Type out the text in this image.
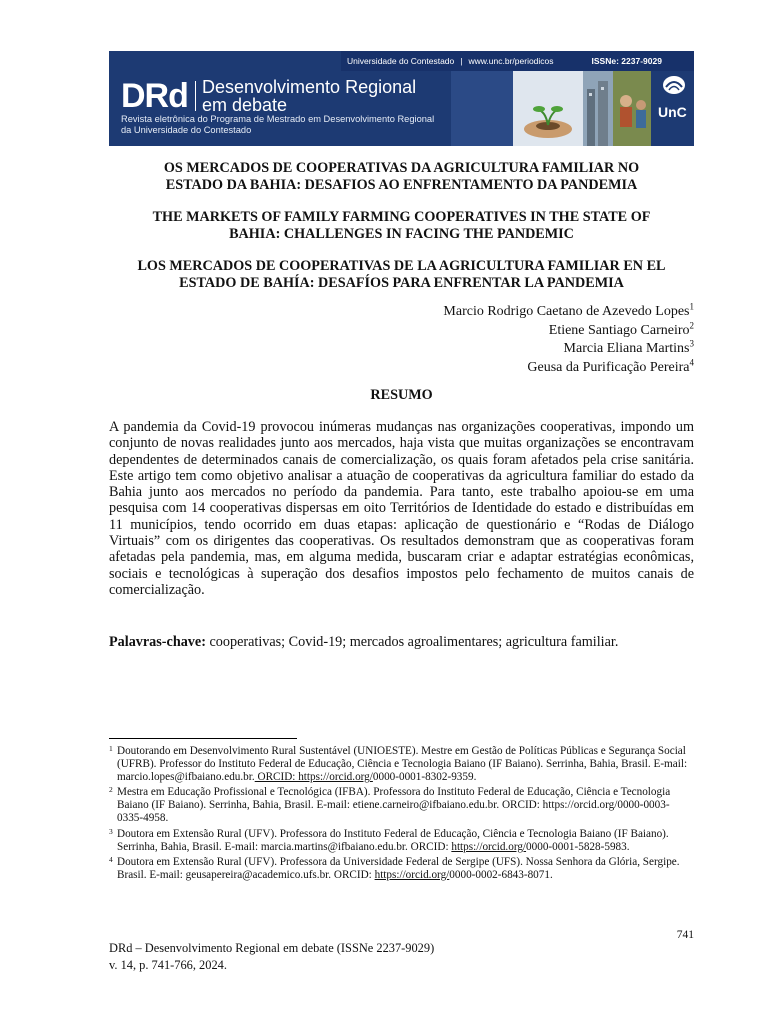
Universidade do Contestado | www.unc.br/periodicos	ISSNe: 2237-9029
DRd Desenvolvimento Regional
em debate
Revista eletrônica do Programa de Mestrado em Desenvolvimento Regional
da Universidade do Contestado
UnC
OS MERCADOS DE COOPERATIVAS DA AGRICULTURA FAMILIAR NO
ESTADO DA BAHIA: DESAFIOS AO ENFRENTAMENTO DA PANDEMIA
THE MARKETS OF FAMILY FARMING COOPERATIVES IN THE STATE OF
BAHIA: CHALLENGES IN FACING THE PANDEMIC
LOS MERCADOS DE COOPERATIVAS DE LA AGRICULTURA FAMILIAR EN EL
ESTADO DE BAHÍA: DESAFÍOS PARA ENFRENTAR LA PANDEMIA
Marcio Rodrigo Caetano de Azevedo Lopes$^1$
Etiene Santiago Carneiro$^2$
Marcia Eliana Martins$^3$
Geusa da Purificação Pereira$^4$
RESUMO

A pandemia da Covid-19 provocou inúmeras mudanças nas organizações cooperativas, impondo um conjunto de novas realidades junto aos mercados, haja vista que muitas organizações se encontravam dependentes de determinados canais de comercialização, os quais foram afetados pela crise sanitária. Este artigo tem como objetivo analisar a atuação de cooperativas da agricultura familiar do estado da Bahia junto aos mercados no período da pandemia. Para tanto, este trabalho apoiou-se em uma pesquisa com 14 cooperativas dispersas em oito Territórios de Identidade do estado e distribuídas em 11 municípios, tendo ocorrido em duas etapas: aplicação de questionário e “Rodas de Diálogo Virtuais” com os dirigentes das cooperativas. Os resultados demonstram que as cooperativas foram afetadas pela pandemia, mas, em alguma medida, buscaram criar e adaptar estratégias econômicas, sociais e tecnológicas à superação dos desafios impostos pelo fechamento de muitos canais de comercialização.

Palavras-chave: cooperativas; Covid-19; mercados agroalimentares; agricultura familiar.
1 Doutorando em Desenvolvimento Rural Sustentável (UNIOESTE). Mestre em Gestão de Políticas Públicas e Segurança Social (UFRB). Professor do Instituto Federal de Educação, Ciência e Tecnologia Baiano (IF Baiano). Serrinha, Bahia, Brasil. E-mail: marcio.lopes@ifbaiano.edu.br. ORCID: https://orcid.org/0000-0001-8302-9359.
2 Mestra em Educação Profissional e Tecnológica (IFBA). Professora do Instituto Federal de Educação, Ciência e Tecnologia Baiano (IF Baiano). Serrinha, Bahia, Brasil. E-mail: etiene.carneiro@ifbaiano.edu.br. ORCID: https://orcid.org/0000-0003-0335-4958.
3 Doutora em Extensão Rural (UFV). Professora do Instituto Federal de Educação, Ciência e Tecnologia Baiano (IF Baiano). Serrinha, Bahia, Brasil. E-mail: marcia.martins@ifbaiano.edu.br. ORCID: https://orcid.org/0000-0001-5828-5983.
4 Doutora em Extensão Rural (UFV). Professora da Universidade Federal de Sergipe (UFS). Nossa Senhora da Glória, Sergipe. Brasil. E-mail: geusapereira@academico.ufs.br. ORCID: https://orcid.org/0000-0002-6843-8071.
741
DRd – Desenvolvimento Regional em debate (ISSNe 2237-9029)
v. 14, p. 741-766, 2024.
